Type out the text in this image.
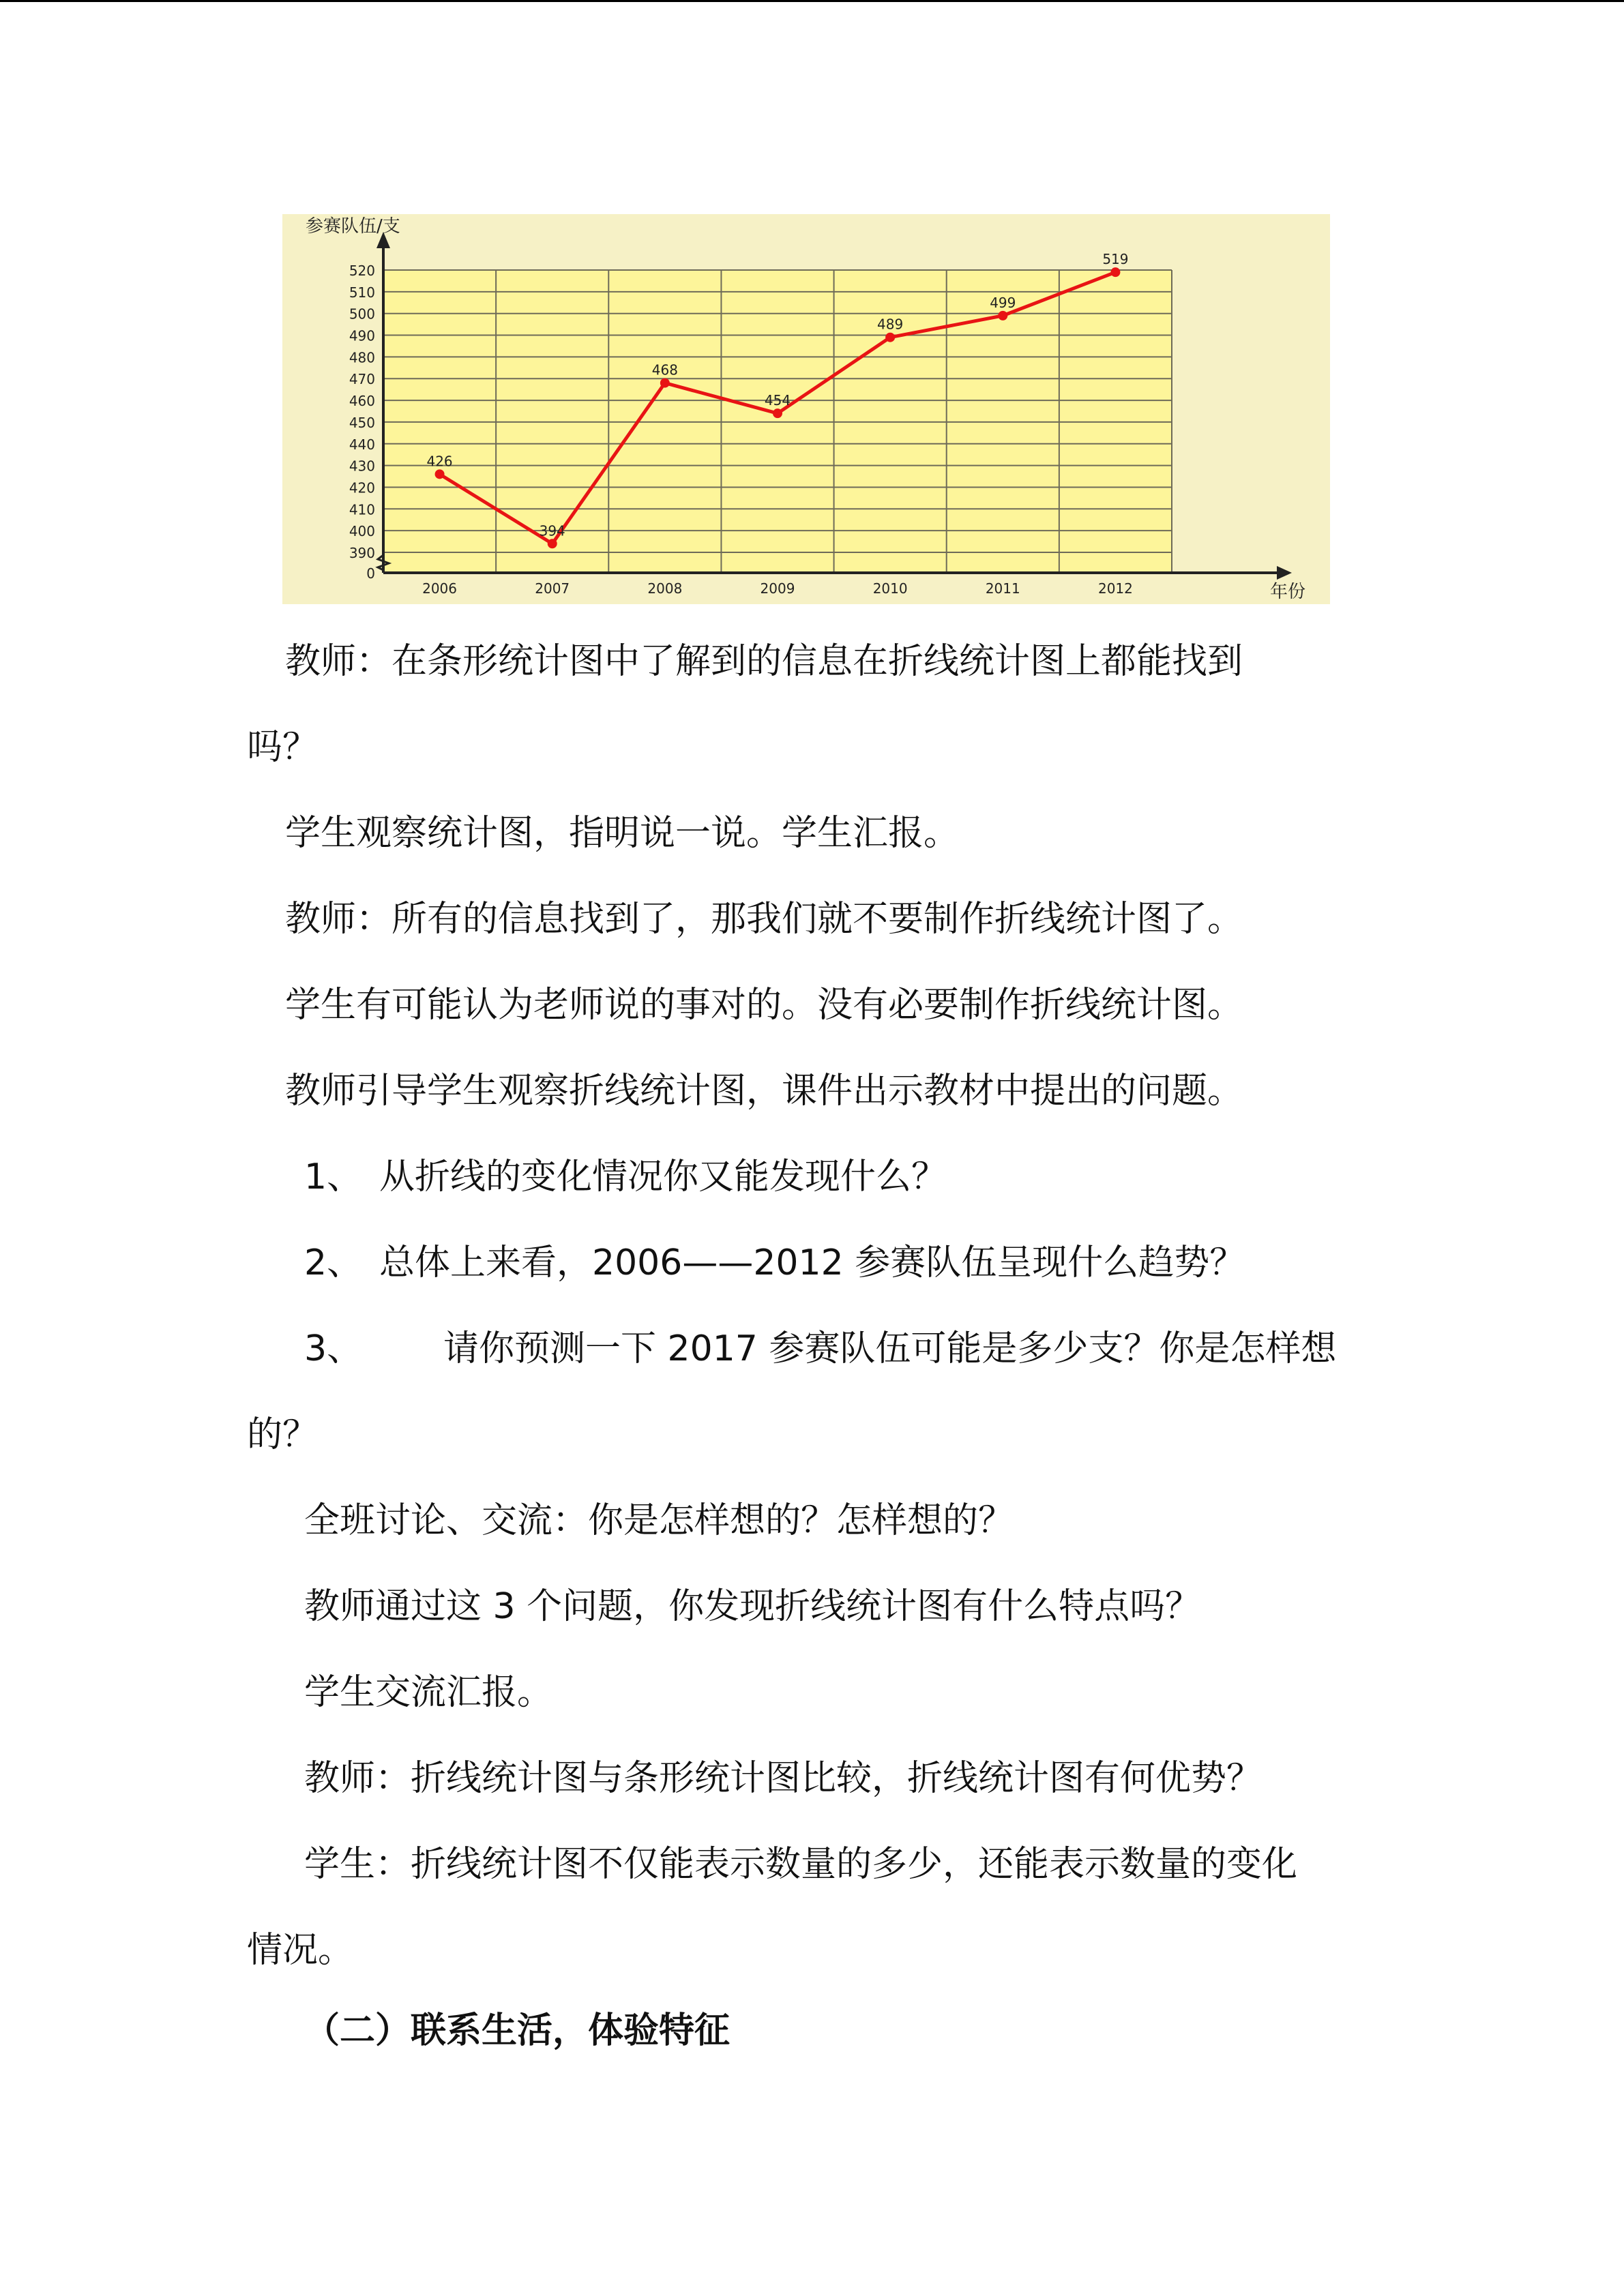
0
390
400
410
420
430
440
450
460
470
480
490
500
510
520
2006	2007	2008	2009	2010	2011	2012
426
394
468
454
489
499
519
参赛队伍/支
年份
教师：在条形统计图中了解到的信息在折线统计图上都能找到
吗？
学生观察统计图，指明说一说。学生汇报。
教师：所有的信息找到了，那我们就不要制作折线统计图了。
学生有可能认为老师说的事对的。没有必要制作折线统计图。
教师引导学生观察折线统计图，课件出示教材中提出的问题。
1、 从折线的变化情况你又能发现什么？
2、 总体上来看，2006——2012 参赛队伍呈现什么趋势？
3、 请你预测一下 2017 参赛队伍可能是多少支？你是怎样想
的？
全班讨论、交流：你是怎样想的？怎样想的？
教师通过这 3 个问题，你发现折线统计图有什么特点吗？
学生交流汇报。
教师：折线统计图与条形统计图比较，折线统计图有何优势？
学生：折线统计图不仅能表示数量的多少，还能表示数量的变化
情况。
（二）联系生活，体验特征
